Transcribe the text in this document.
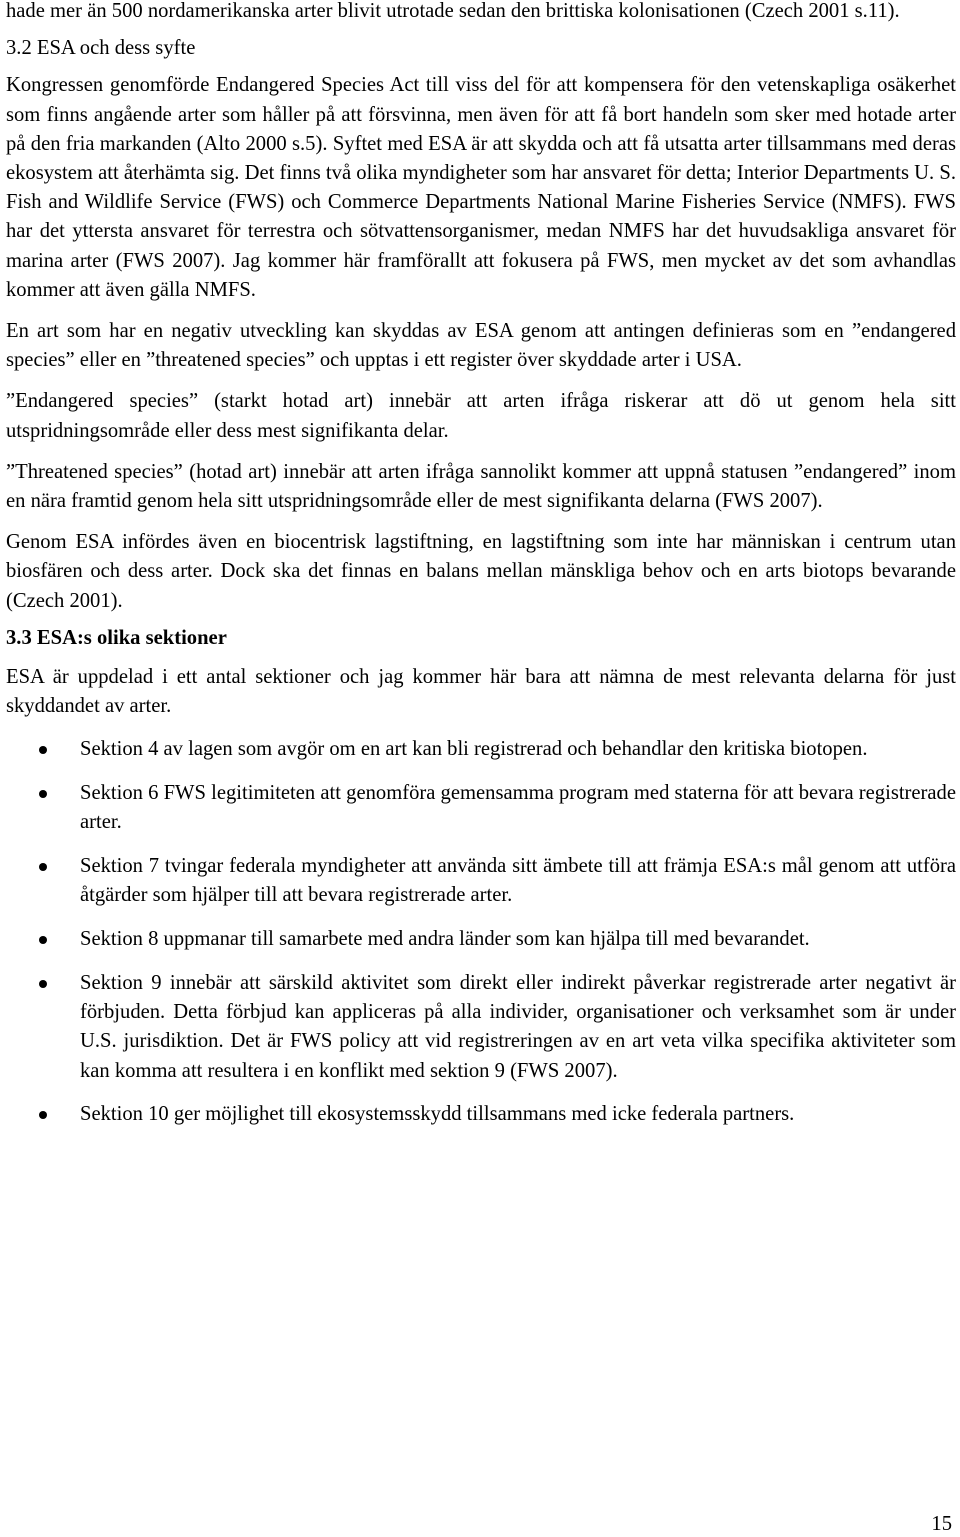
hade mer än 500 nordamerikanska arter blivit utrotade sedan den brittiska kolonisationen (Czech 2001 s.11).

3.2 ESA och dess syfte

Kongressen genomförde Endangered Species Act till viss del för att kompensera för den vetenskapliga osäkerhet som finns angående arter som håller på att försvinna, men även för att få bort handeln som sker med hotade arter på den fria markanden (Alto 2000 s.5). Syftet med ESA är att skydda och att få utsatta arter tillsammans med deras ekosystem att återhämta sig. Det finns två olika myndigheter som har ansvaret för detta; Interior Departments U. S. Fish and Wildlife Service (FWS) och Commerce Departments National Marine Fisheries Service (NMFS). FWS har det yttersta ansvaret för terrestra och sötvattensorganismer, medan NMFS har det huvudsakliga ansvaret för marina arter (FWS 2007). Jag kommer här framförallt att fokusera på FWS, men mycket av det som avhandlas kommer att även gälla NMFS.

En art som har en negativ utveckling kan skyddas av ESA genom att antingen definieras som en ”endangered species” eller en ”threatened species” och upptas i ett register över skyddade arter i USA.

”Endangered species” (starkt hotad art) innebär att arten ifråga riskerar att dö ut genom hela sitt utspridningsområde eller dess mest signifikanta delar.

”Threatened species” (hotad art) innebär att arten ifråga sannolikt kommer att uppnå statusen ”endangered” inom en nära framtid genom hela sitt utspridningsområde eller de mest signifikanta delarna (FWS 2007).

Genom ESA infördes även en biocentrisk lagstiftning, en lagstiftning som inte har människan i centrum utan biosfären och dess arter. Dock ska det finnas en balans mellan mänskliga behov och en arts biotops bevarande (Czech 2001).

3.3 ESA:s olika sektioner

ESA är uppdelad i ett antal sektioner och jag kommer här bara att nämna de mest relevanta delarna för just skyddandet av arter.

Sektion 4 av lagen som avgör om en art kan bli registrerad och behandlar den kritiska biotopen.
Sektion 6 FWS legitimiteten att genomföra gemensamma program med staterna för att bevara registrerade arter.
Sektion 7 tvingar federala myndigheter att använda sitt ämbete till att främja ESA:s mål genom att utföra åtgärder som hjälper till att bevara registrerade arter.
Sektion 8 uppmanar till samarbete med andra länder som kan hjälpa till med bevarandet.
Sektion 9 innebär att särskild aktivitet som direkt eller indirekt påverkar registrerade arter negativt är förbjuden. Detta förbjud kan appliceras på alla individer, organisationer och verksamhet som är under U.S. jurisdiktion. Det är FWS policy att vid registreringen av en art veta vilka specifika aktiviteter som kan komma att resultera i en konflikt med sektion 9 (FWS 2007).
Sektion 10 ger möjlighet till ekosystemsskydd tillsammans med icke federala partners.
15
